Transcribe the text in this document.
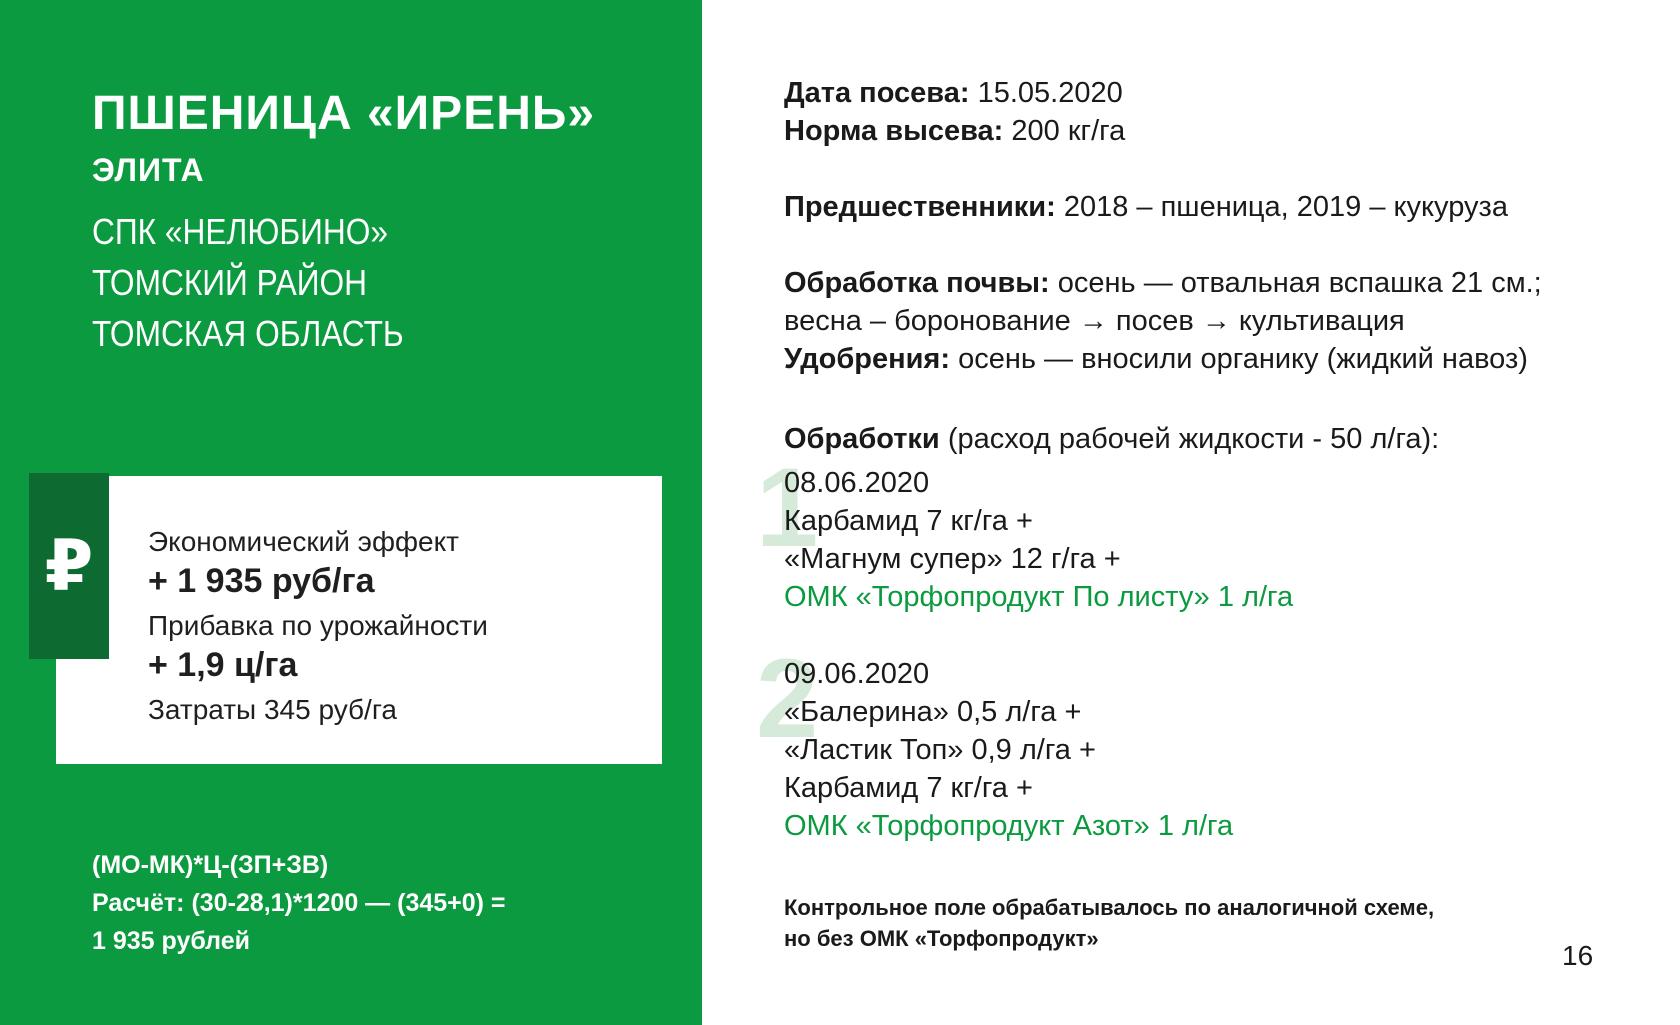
ПШЕНИЦА «ИРЕНЬ»
ЭЛИТА
СПК «НЕЛЮБИНО»
ТОМСКИЙ РАЙОН
ТОМСКАЯ ОБЛАСТЬ
Экономический эффект
+ 1 935 руб/га
Прибавка по урожайности
+ 1,9 ц/га
Затраты 345 руб/га
₽
(МО-МК)*Ц-(ЗП+ЗВ)
Расчёт: (30-28,1)*1200 — (345+0) =
1 935 рублей
Дата посева: 15.05.2020
Норма высева: 200 кг/га
Предшественники: 2018 – пшеница, 2019 – кукуруза
Обработка почвы: осень — отвальная вспашка 21 см.;
весна – боронование → посев → культивация
Удобрения: осень — вносили органику (жидкий навоз)
Обработки (расход рабочей жидкости - 50 л/га):
1
08.06.2020
Карбамид 7 кг/га +
«Магнум супер» 12 г/га +
ОМК «Торфопродукт По листу» 1 л/га
2
09.06.2020
«Балерина» 0,5 л/га +
«Ластик Топ» 0,9 л/га +
Карбамид 7 кг/га +
ОМК «Торфопродукт Азот» 1 л/га
Контрольное поле обрабатывалось по аналогичной схеме,
но без ОМК «Торфопродукт»
16
